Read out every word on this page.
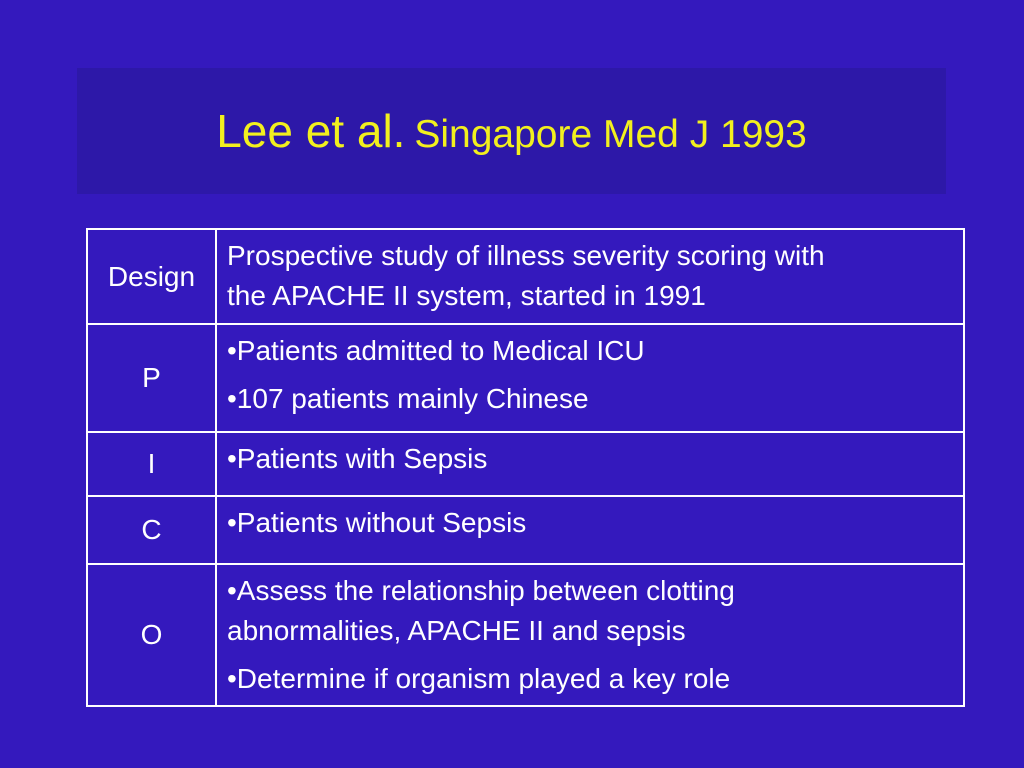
Lee et al. Singapore Med J 1993
Design	Prospective study of illness severity scoring with
the APACHE II system, started in 1991

P	•Patients admitted to Medical ICU
•107 patients mainly Chinese

I	•Patients with Sepsis

C	•Patients without Sepsis

O	•Assess the relationship between clotting
abnormalities, APACHE II and sepsis
•Determine if organism played a key role
